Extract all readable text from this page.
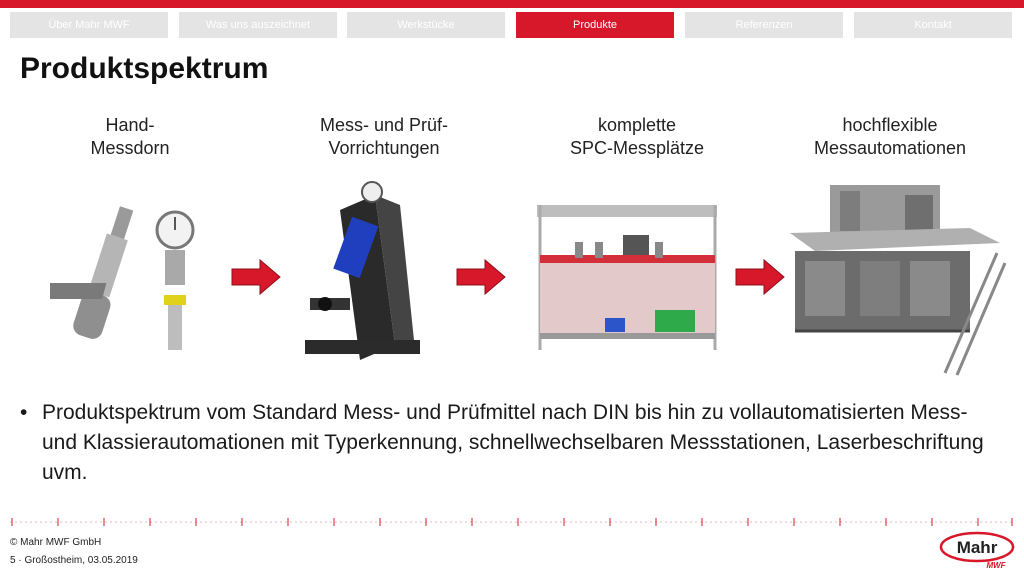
Über Mahr MWF	Was uns auszeichnet	Werkstücke	Produkte	Referenzen	Kontakt
Produktspektrum
Hand-
Messdorn
Mess- und Prüf-
Vorrichtungen
komplette
SPC-Messplätze
hochflexible
Messautomationen
• Produktspektrum vom Standard Mess- und Prüfmittel nach DIN bis hin zu vollautomatisierten Mess- und Klassierautomationen mit Typerkennung, schnellwechselbaren Messstationen, Laserbeschriftung uvm.
© Mahr MWF GmbH
5 · Großostheim, 03.05.2019
Mahr
MWF
